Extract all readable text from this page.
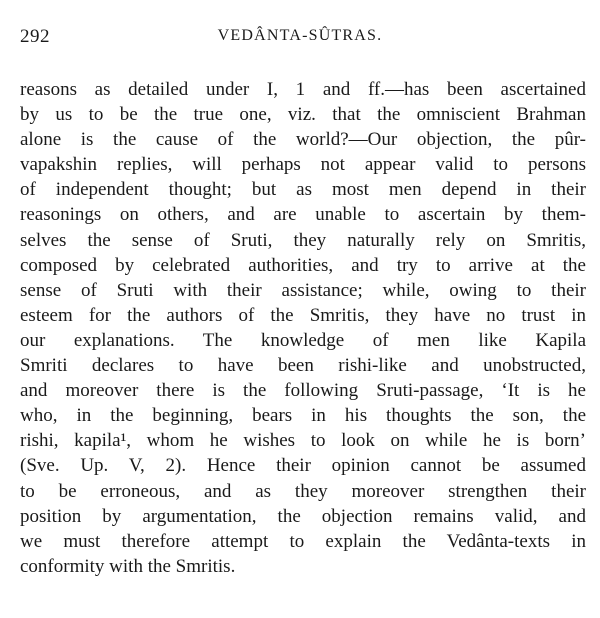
292	VEDÂNTA-SÛTRAS.
reasons as detailed under I, 1 and ff.—has been ascertained
by us to be the true one, viz. that the omniscient Brahman
alone is the cause of the world?—Our objection, the pûr-
vapakshin replies, will perhaps not appear valid to persons
of independent thought; but as most men depend in their
reasonings on others, and are unable to ascertain by them-
selves the sense of Sruti, they naturally rely on Smritis,
composed by celebrated authorities, and try to arrive at the
sense of Sruti with their assistance; while, owing to their
esteem for the authors of the Smritis, they have no trust in
our explanations. The knowledge of men like Kapila
Smriti declares to have been rishi-like and unobstructed,
and moreover there is the following Sruti-passage, ‘It is he
who, in the beginning, bears in his thoughts the son, the
rishi, kapila¹, whom he wishes to look on while he is born’
(Sve. Up. V, 2). Hence their opinion cannot be assumed
to be erroneous, and as they moreover strengthen their
position by argumentation, the objection remains valid, and
we must therefore attempt to explain the Vedânta-texts in
conformity with the Smritis.
